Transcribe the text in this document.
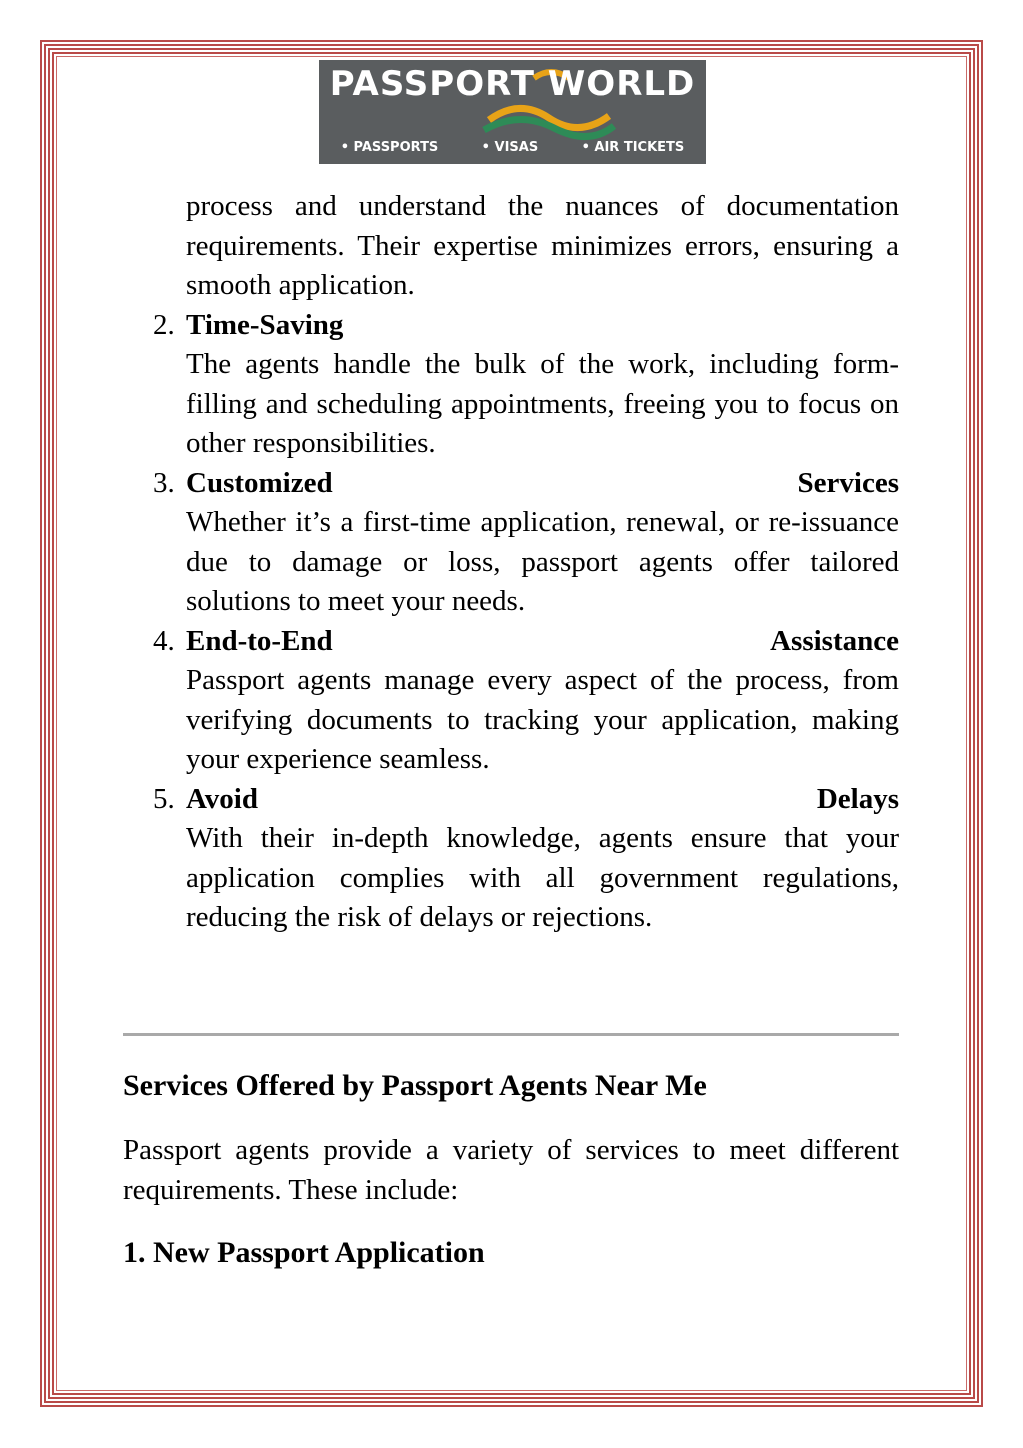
PASSPORT WORLD
• PASSPORTS	• VISAS	• AIR TICKETS
process and understand the nuances of documentation requirements. Their expertise minimizes errors, ensuring a smooth application.
2. Time-Saving
The agents handle the bulk of the work, including form-filling and scheduling appointments, freeing you to focus on other responsibilities.
3. Customized	Services
Whether it’s a first-time application, renewal, or re-issuance due to damage or loss, passport agents offer tailored solutions to meet your needs.
4. End-to-End	Assistance
Passport agents manage every aspect of the process, from verifying documents to tracking your application, making your experience seamless.
5. Avoid	Delays
With their in-depth knowledge, agents ensure that your application complies with all government regulations, reducing the risk of delays or rejections.
Services Offered by Passport Agents Near Me
Passport agents provide a variety of services to meet different requirements. These include:
1. New Passport Application
